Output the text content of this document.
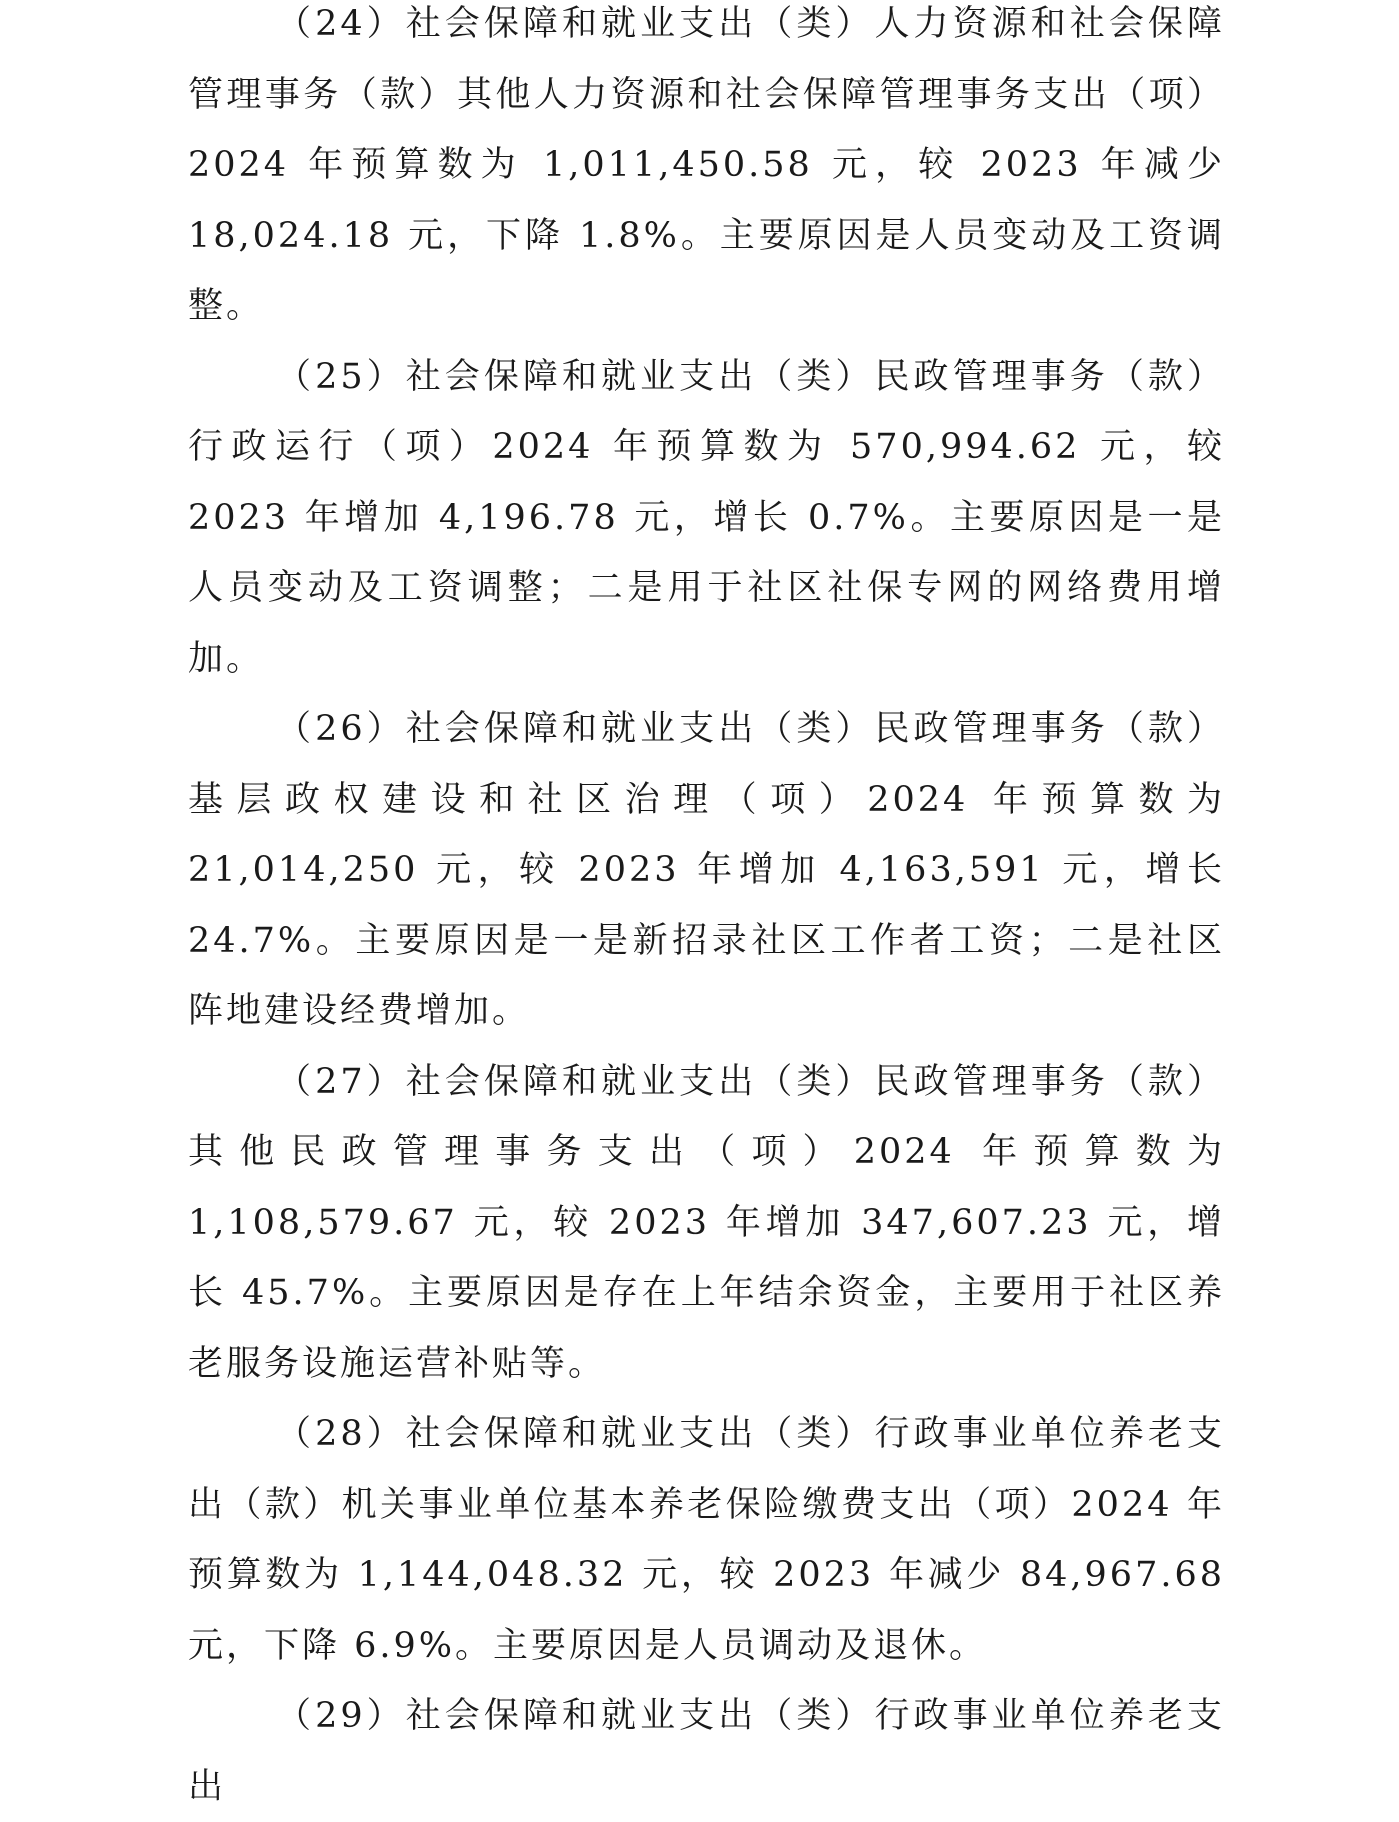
（24）社会保障和就业支出（类）人力资源和社会保障管理事务（款）其他人力资源和社会保障管理事务支出（项）2024 年预算数为 1,011,450.58 元，较 2023 年减少 18,024.18 元，下降 1.8%。主要原因是人员变动及工资调整。

（25）社会保障和就业支出（类）民政管理事务（款）行政运行（项）2024 年预算数为 570,994.62 元，较 2023 年增加 4,196.78 元，增长 0.7%。主要原因是一是人员变动及工资调整；二是用于社区社保专网的网络费用增加。

（26）社会保障和就业支出（类）民政管理事务（款）基层政权建设和社区治理（项）2024 年预算数为 21,014,250 元，较 2023 年增加 4,163,591 元，增长 24.7%。主要原因是一是新招录社区工作者工资；二是社区阵地建设经费增加。

（27）社会保障和就业支出（类）民政管理事务（款）其他民政管理事务支出（项）2024 年预算数为 1,108,579.67 元，较 2023 年增加 347,607.23 元，增长 45.7%。主要原因是存在上年结余资金，主要用于社区养老服务设施运营补贴等。

（28）社会保障和就业支出（类）行政事业单位养老支出（款）机关事业单位基本养老保险缴费支出（项）2024 年预算数为 1,144,048.32 元，较 2023 年减少 84,967.68 元，下降 6.9%。主要原因是人员调动及退休。

（29）社会保障和就业支出（类）行政事业单位养老支出
